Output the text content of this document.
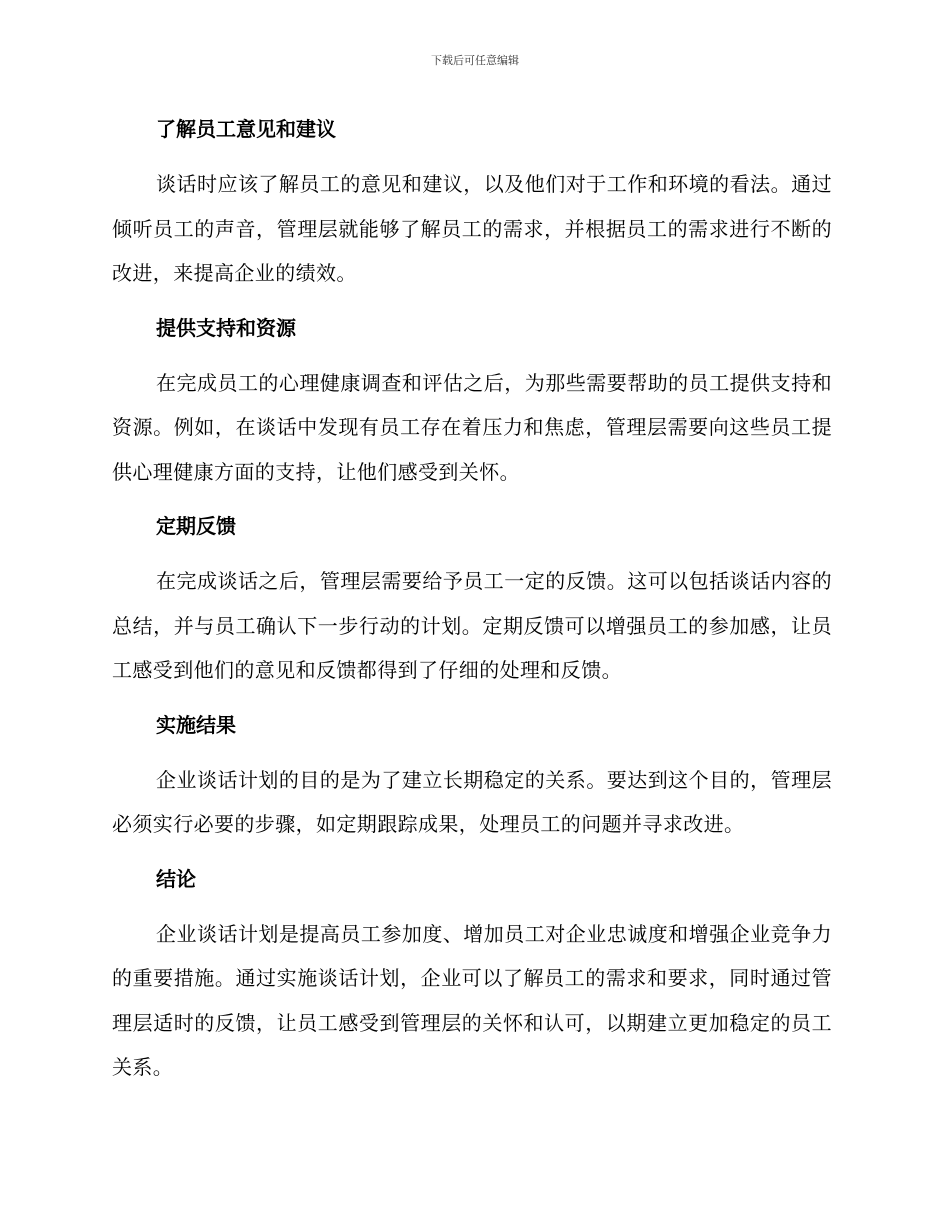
下载后可任意编辑
了解员工意见和建议

谈话时应该了解员工的意见和建议，以及他们对于工作和环境的看法。通过倾听员工的声音，管理层就能够了解员工的需求，并根据员工的需求进行不断的改进，来提高企业的绩效。

提供支持和资源

在完成员工的心理健康调查和评估之后，为那些需要帮助的员工提供支持和资源。例如，在谈话中发现有员工存在着压力和焦虑，管理层需要向这些员工提供心理健康方面的支持，让他们感受到关怀。

定期反馈

在完成谈话之后，管理层需要给予员工一定的反馈。这可以包括谈话内容的总结，并与员工确认下一步行动的计划。定期反馈可以增强员工的参加感，让员工感受到他们的意见和反馈都得到了仔细的处理和反馈。

实施结果

企业谈话计划的目的是为了建立长期稳定的关系。要达到这个目的，管理层必须实行必要的步骤，如定期跟踪成果，处理员工的问题并寻求改进。

结论

企业谈话计划是提高员工参加度、增加员工对企业忠诚度和增强企业竞争力的重要措施。通过实施谈话计划，企业可以了解员工的需求和要求，同时通过管理层适时的反馈，让员工感受到管理层的关怀和认可，以期建立更加稳定的员工关系。
